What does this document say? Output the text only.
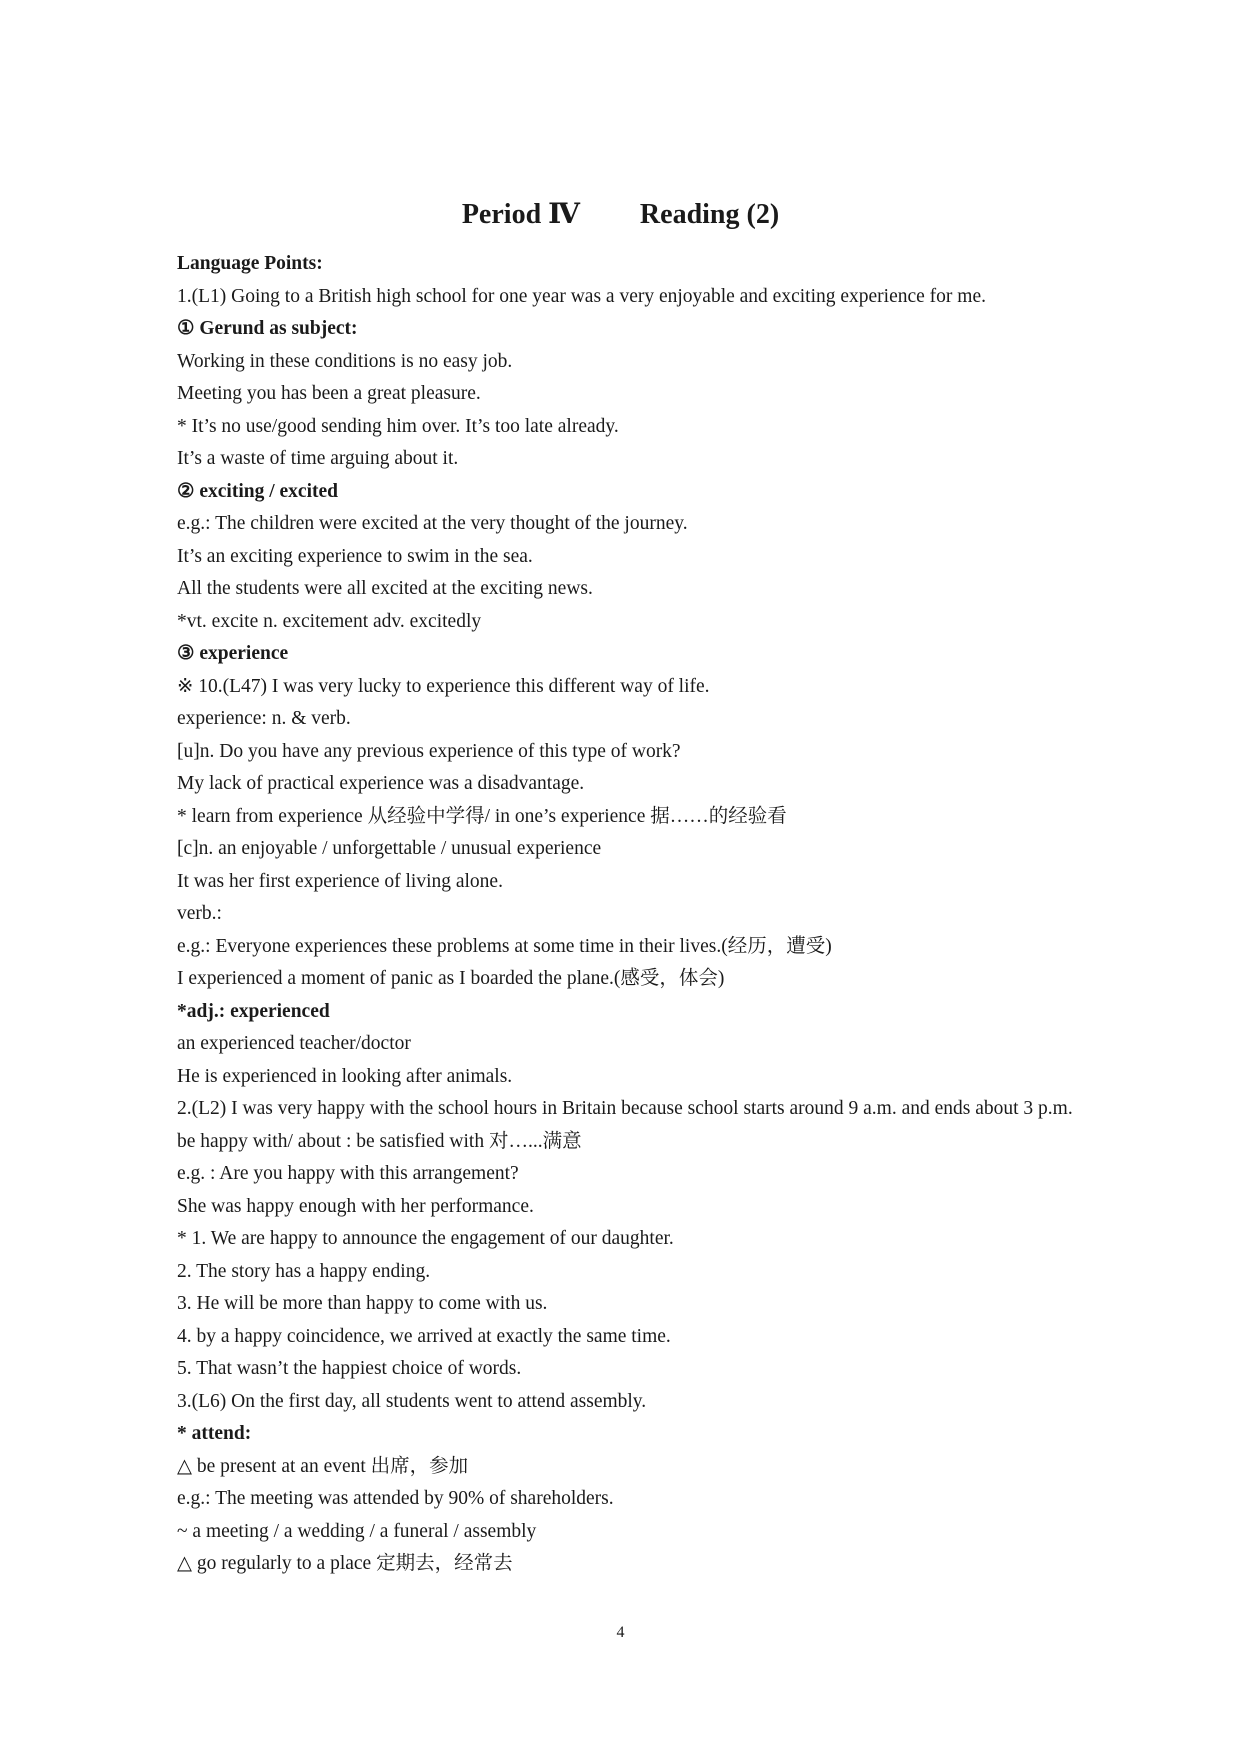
Period Ⅳ Reading (2)
Language Points:
1.(L1) Going to a British high school for one year was a very enjoyable and exciting experience for me.
① Gerund as subject:
Working in these conditions is no easy job.
Meeting you has been a great pleasure.
* It’s no use/good sending him over. It’s too late already.
It’s a waste of time arguing about it.
② exciting / excited
e.g.: The children were excited at the very thought of the journey.
It’s an exciting experience to swim in the sea.
All the students were all excited at the exciting news.
*vt. excite n. excitement adv. excitedly
③ experience
※ 10.(L47) I was very lucky to experience this different way of life.
experience: n. & verb.
[u]n. Do you have any previous experience of this type of work?
My lack of practical experience was a disadvantage.
* learn from experience 从经验中学得/ in one’s experience 据……的经验看
[c]n. an enjoyable / unforgettable / unusual experience
It was her first experience of living alone.
verb.:
e.g.: Everyone experiences these problems at some time in their lives.(经历，遭受)
I experienced a moment of panic as I boarded the plane.(感受，体会)
*adj.: experienced
an experienced teacher/doctor
He is experienced in looking after animals.
2.(L2) I was very happy with the school hours in Britain because school starts around 9 a.m. and ends about 3 p.m.
be happy with/ about : be satisfied with 对…...满意
e.g. : Are you happy with this arrangement?
She was happy enough with her performance.
* 1. We are happy to announce the engagement of our daughter.
2. The story has a happy ending.
3. He will be more than happy to come with us.
4. by a happy coincidence, we arrived at exactly the same time.
5. That wasn’t the happiest choice of words.
3.(L6) On the first day, all students went to attend assembly.
* attend:
△ be present at an event 出席，参加
e.g.: The meeting was attended by 90% of shareholders.
~ a meeting / a wedding / a funeral / assembly
△ go regularly to a place 定期去，经常去
4
